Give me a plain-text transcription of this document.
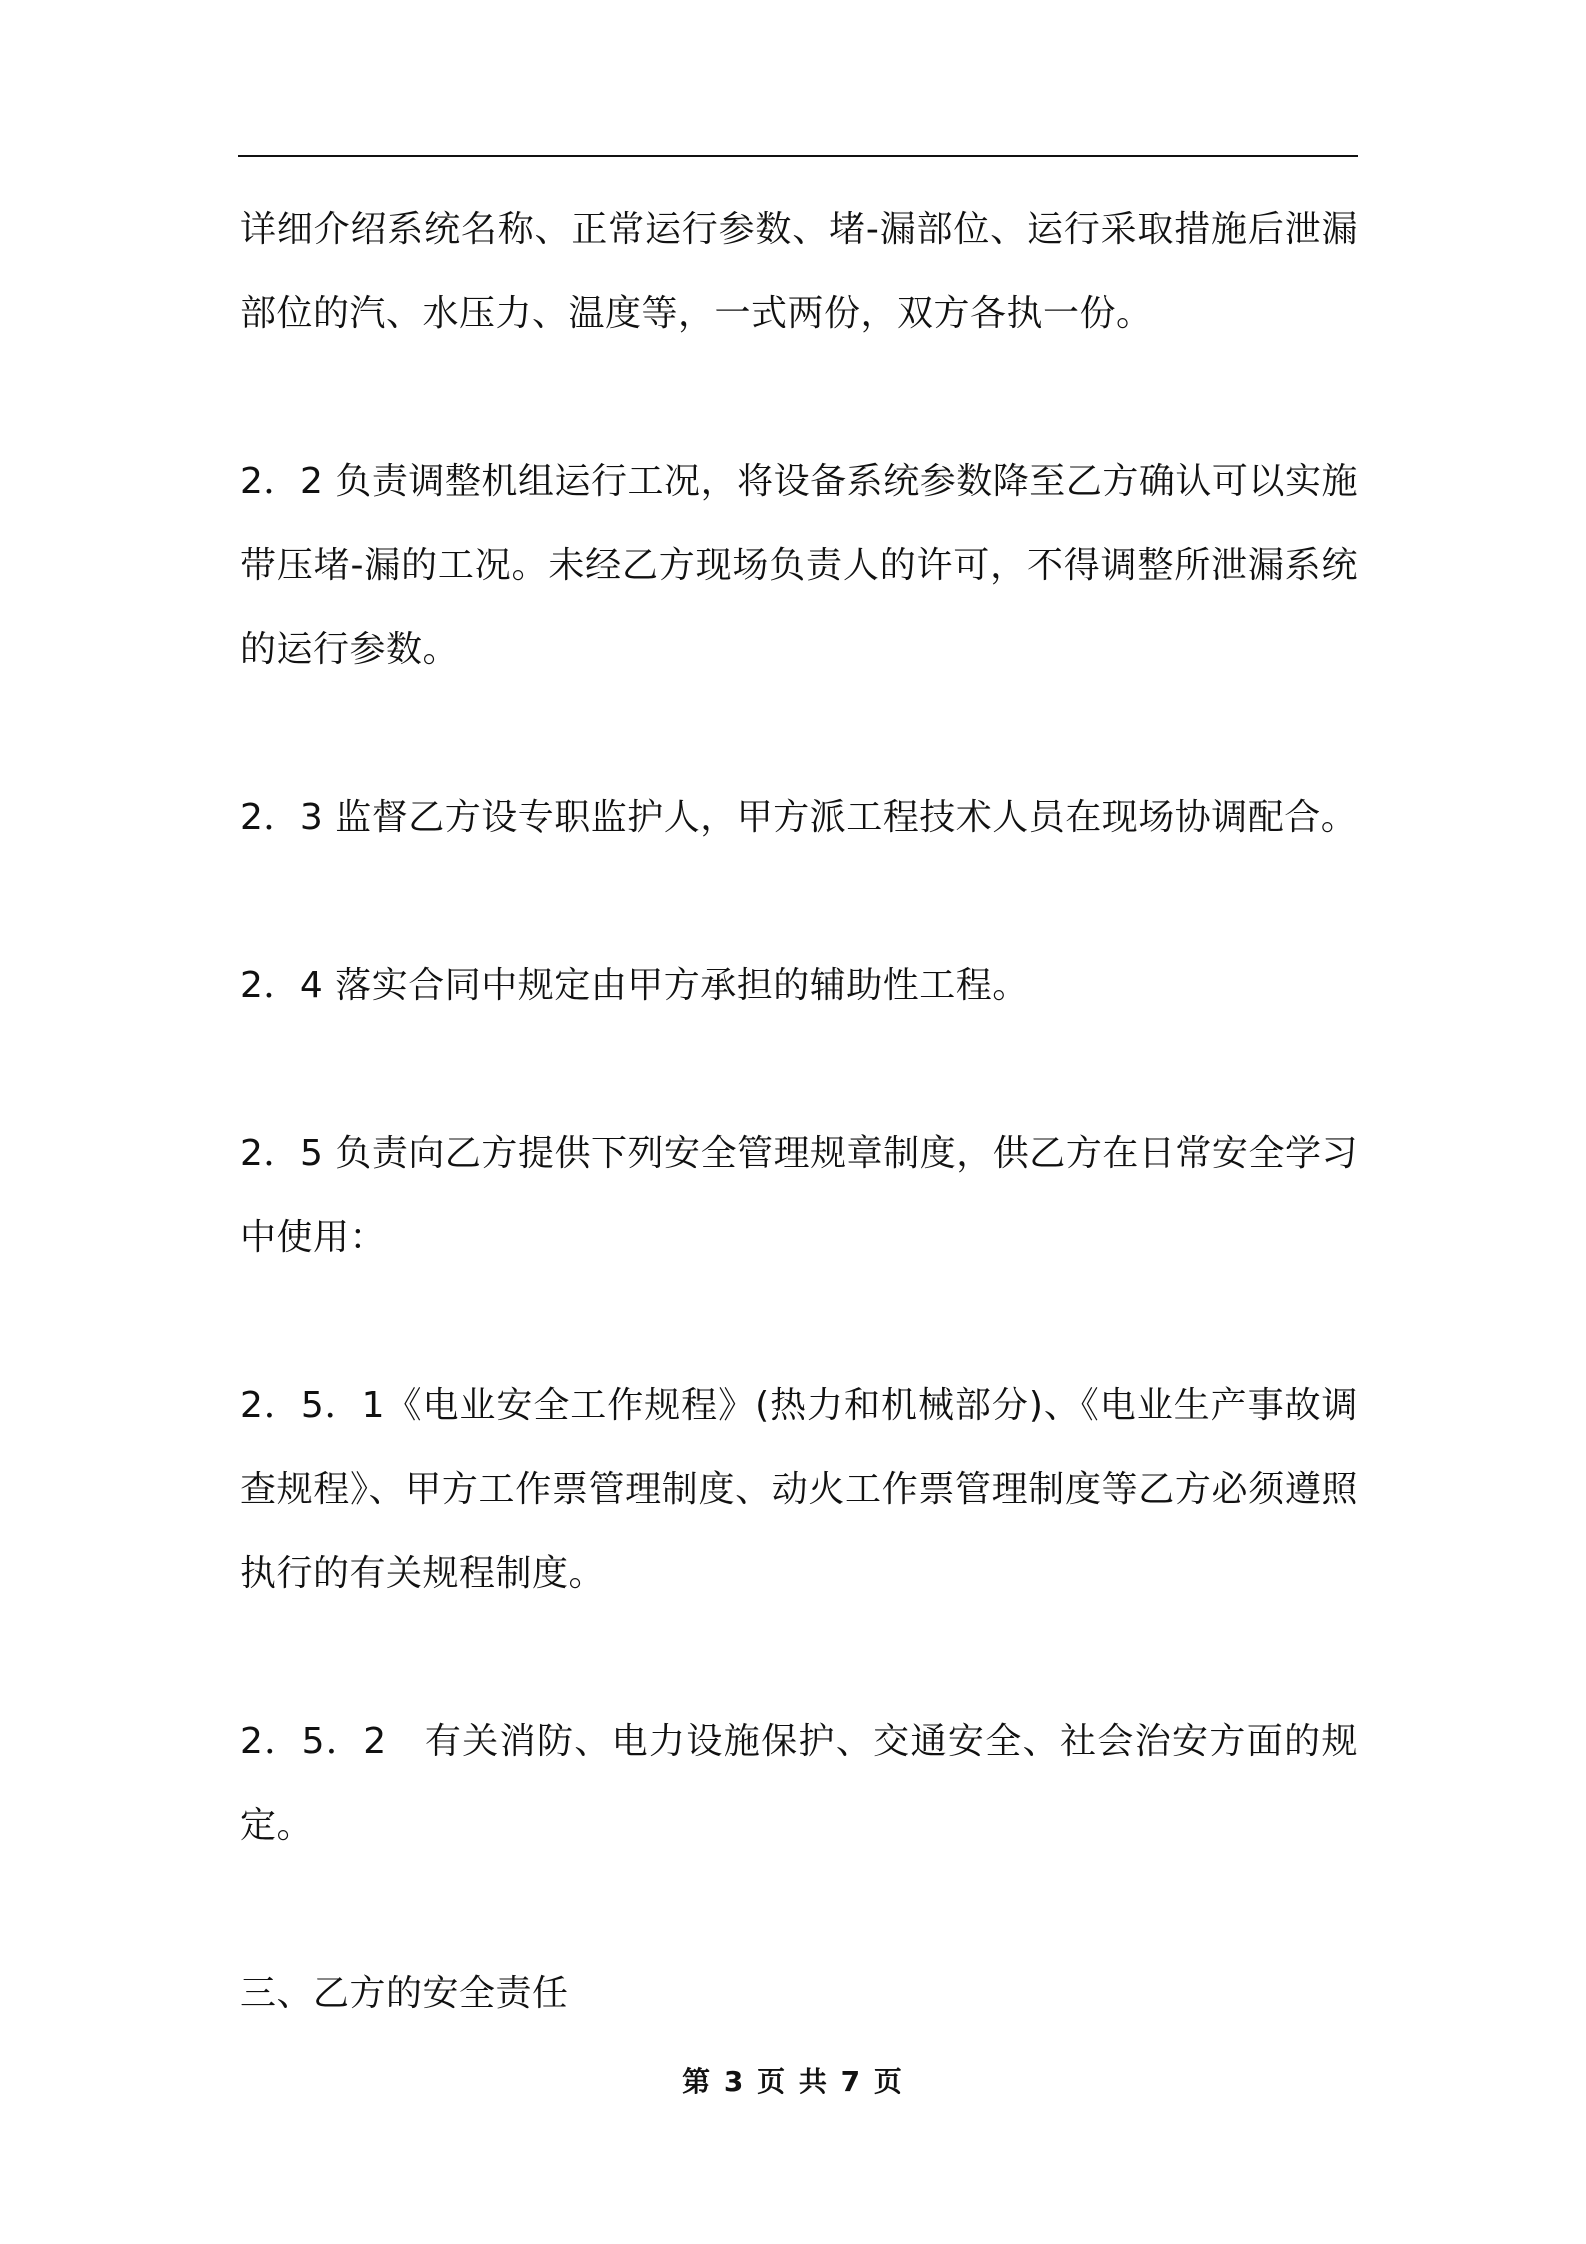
详细介绍系统名称、正常运行参数、堵-漏部位、运行采取措施后泄漏部位的汽、水压力、温度等，一式两份，双方各执一份。

2．2 负责调整机组运行工况，将设备系统参数降至乙方确认可以实施带压堵-漏的工况。未经乙方现场负责人的许可，不得调整所泄漏系统的运行参数。

2．3 监督乙方设专职监护人，甲方派工程技术人员在现场协调配合。

2．4 落实合同中规定由甲方承担的辅助性工程。

2．5 负责向乙方提供下列安全管理规章制度，供乙方在日常安全学习中使用：

2．5．1《电业安全工作规程》(热力和机械部分)、《电业生产事故调查规程》、甲方工作票管理制度、动火工作票管理制度等乙方必须遵照执行的有关规程制度。

2．5．2　有关消防、电力设施保护、交通安全、社会治安方面的规定。

三、乙方的安全责任

第 3 页 共 7 页
